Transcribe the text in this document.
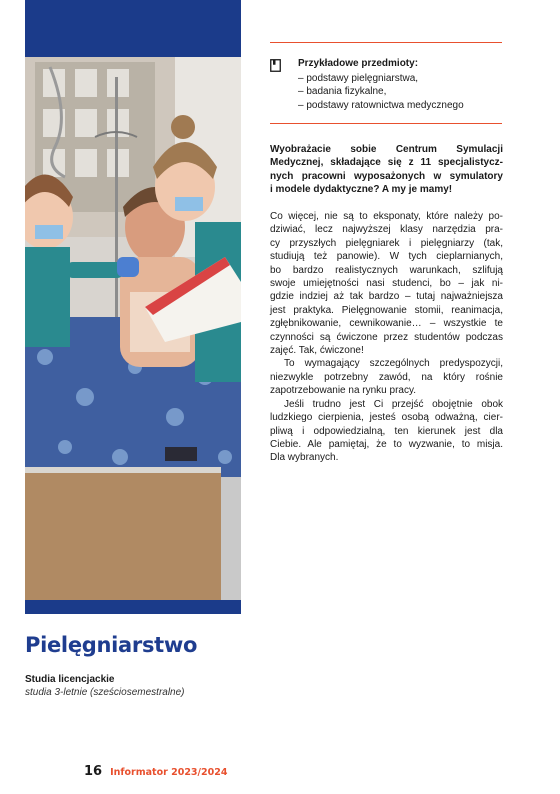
Pielęgniarstwo
Studia licencjackie
studia 3-letnie (sześciosemestralne)
16 Informator 2023/2024
Przykładowe przedmioty:
– podstawy pielęgniarstwa,
– badania fizykalne,
– podstawy ratownictwa medycznego
Wyobrażacie sobie Centrum Symulacji
Medycznej, składające się z 11 specjalistycz-
nych pracowni wyposażonych w symulatory
i modele dydaktyczne? A my je mamy!
Co więcej, nie są to eksponaty, które należy po-
dziwiać, lecz najwyższej klasy narzędzia pra-
cy przyszłych pielęgniarek i pielęgniarzy (tak,
studiują też panowie). W tych cieplarnianych,
bo bardzo realistycznych warunkach, szlifują
swoje umiejętności nasi studenci, bo – jak ni-
gdzie indziej aż tak bardzo – tutaj najważniejsza
jest praktyka. Pielęgnowanie stomii, reanimacja,
zgłębnikowanie, cewnikowanie… – wszystkie te
czynności są ćwiczone przez studentów podczas
zajęć. Tak, ćwiczone!
To wymagający szczególnych predyspozycji,
niezwykle potrzebny zawód, na który rośnie
zapotrzebowanie na rynku pracy.
Jeśli trudno jest Ci przejść obojętnie obok
ludzkiego cierpienia, jesteś osobą odważną, cier-
pliwą i odpowiedzialną, ten kierunek jest dla
Ciebie. Ale pamiętaj, że to wyzwanie, to misja.
Dla wybranych.
